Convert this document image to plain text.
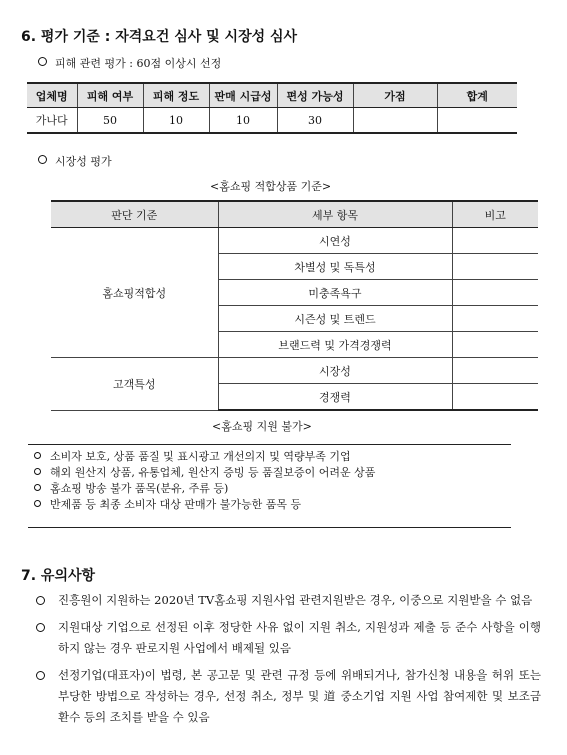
6. 평가 기준 : 자격요건 심사 및 시장성 심사
피해 관련 평가 : 60점 이상시 선정
업체명	피해 여부	피해 정도	판매 시급성	편성 가능성	가점	합계
가나다	50	10	10	30		
시장성 평가
<홈쇼핑 적합상품 기준>
판단 기준	세부 항목	비고
홈쇼핑적합성	시연성	
	차별성 및 독특성	
	미충족욕구	
	시즌성 및 트렌드	
	브랜드력 및 가격경쟁력	
고객특성	시장성	
	경쟁력	
<홈쇼핑 지원 불가>
소비자 보호, 상품 품질 및 표시광고 개선의지 및 역량부족 기업
해외 원산지 상품, 유통업체, 원산지 증빙 등 품질보증이 어려운 상품
홈쇼핑 방송 불가 품목(분유, 주류 등)
반제품 등 최종 소비자 대상 판매가 불가능한 품목 등
7. 유의사항
진흥원이 지원하는 2020년 TV홈쇼핑 지원사업 관련지원받은 경우, 이중으로 지원받을 수 없음
지원대상 기업으로 선정된 이후 정당한 사유 없이 지원 취소, 지원성과 제출 등 준수 사항을 이행하지 않는 경우 판로지원 사업에서 배제될 있음
선정기업(대표자)이 법령, 본 공고문 및 관련 규정 등에 위배되거나, 참가신청 내용을 허위 또는 부당한 방법으로 작성하는 경우, 선정 취소, 정부 및 道 중소기업 지원 사업 참여제한 및 보조금 환수 등의 조치를 받을 수 있음
